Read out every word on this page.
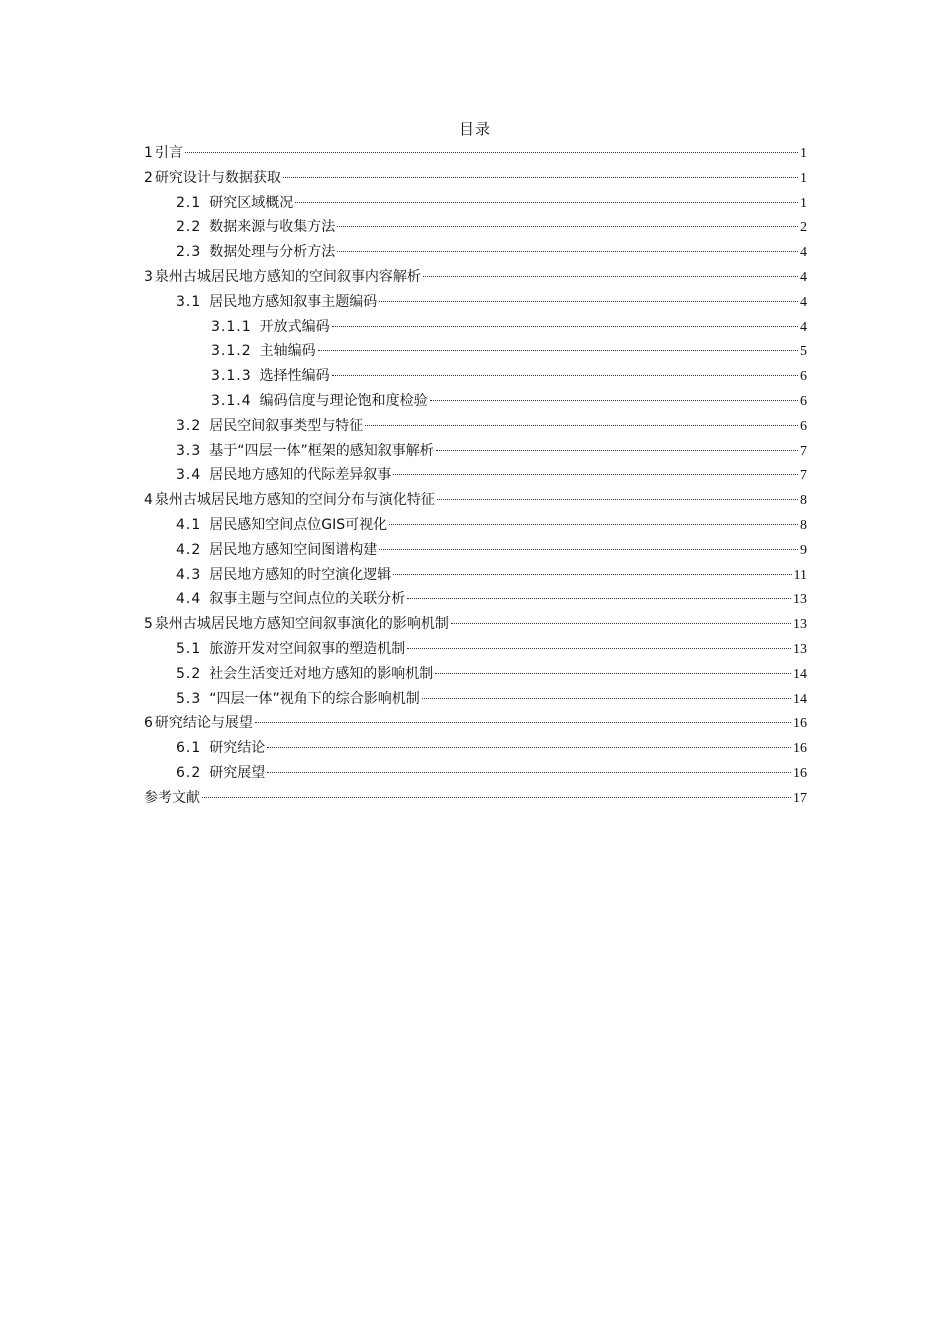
目录
1 引言	1
2 研究设计与数据获取	1
2.1 研究区域概况	1
2.2 数据来源与收集方法	2
2.3 数据处理与分析方法	4
3 泉州古城居民地方感知的空间叙事内容解析	4
3.1 居民地方感知叙事主题编码	4
3.1.1 开放式编码	4
3.1.2 主轴编码	5
3.1.3 选择性编码	6
3.1.4 编码信度与理论饱和度检验	6
3.2 居民空间叙事类型与特征	6
3.3 基于“四层一体”框架的感知叙事解析	7
3.4 居民地方感知的代际差异叙事	7
4 泉州古城居民地方感知的空间分布与演化特征	8
4.1 居民感知空间点位GIS可视化	8
4.2 居民地方感知空间图谱构建	9
4.3 居民地方感知的时空演化逻辑	11
4.4 叙事主题与空间点位的关联分析	13
5 泉州古城居民地方感知空间叙事演化的影响机制	13
5.1 旅游开发对空间叙事的塑造机制	13
5.2 社会生活变迁对地方感知的影响机制	14
5.3 “四层一体”视角下的综合影响机制	14
6 研究结论与展望	16
6.1 研究结论	16
6.2 研究展望	16
参考文献	17
